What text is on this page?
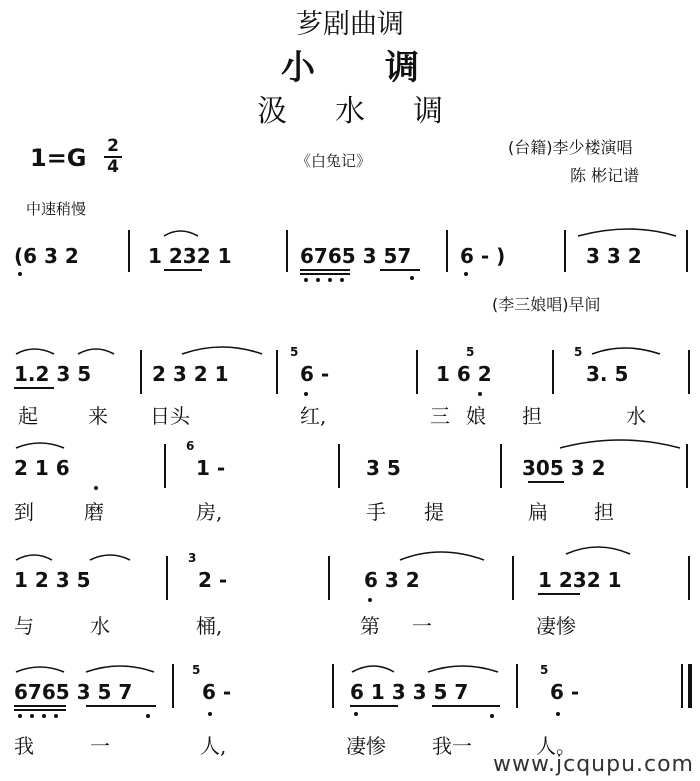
芗剧曲调
小调
汲水调
1=G 2
4	《白兔记》
(台籍)李少楼演唱
陈 彬记谱
中速稍慢
(6 3 2	1 232 1	6765 3 57 6 - )	3 3 2
(李三娘唱)早间
1.2 3 5	2 3 2 1
5
6 -
5
1 6 2
5
3. 5
起	来 日头	红,	三 娘 担	水
2 1 6
6
1 -	3 5	305 3 2
到	磨	房,	手 提	扁 担
1 2 3 5
3
2 -	6 3 2	1 232 1
与	水	桶,	第 一	凄惨
6765 3 5 7
5
6 -	6 1 3 3 5 7
5
6 -
我	一	人,	凄惨 我一	人。
www.jcqupu.com
